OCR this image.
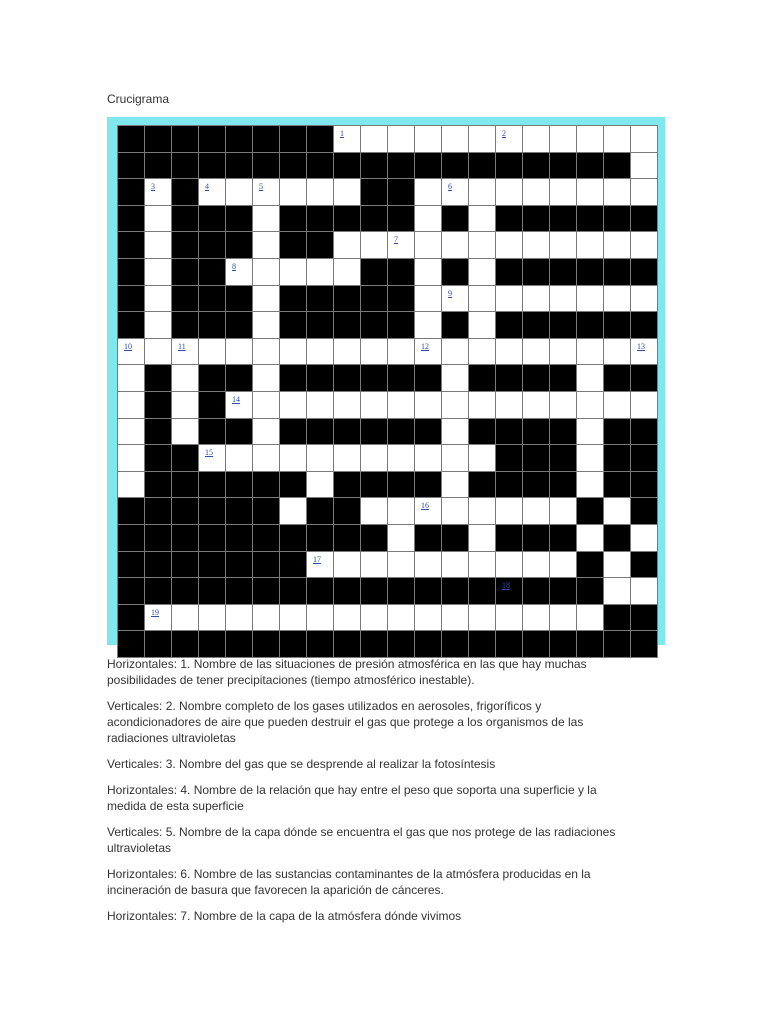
Crucigrama
1	2
3	4	5	6
7
8
9
10	11	12	13
14
15
16
17
18
19

Horizontales: 1. Nombre de las situaciones de presión atmosférica en las que hay muchas posibilidades de tener precipitaciones (tiempo atmosférico inestable).

Verticales: 2. Nombre completo de los gases utilizados en aerosoles, frigoríficos y acondicionadores de aire que pueden destruir el gas que protege a los organismos de las radiaciones ultravioletas

Verticales: 3. Nombre del gas que se desprende al realizar la fotosíntesis

Horizontales: 4. Nombre de la relación que hay entre el peso que soporta una superficie y la medida de esta superficie

Verticales: 5. Nombre de la capa dónde se encuentra el gas que nos protege de las radiaciones ultravioletas

Horizontales: 6. Nombre de las sustancias contaminantes de la atmósfera producidas en la incineración de basura que favorecen la aparición de cánceres.

Horizontales: 7. Nombre de la capa de la atmósfera dónde vivimos
